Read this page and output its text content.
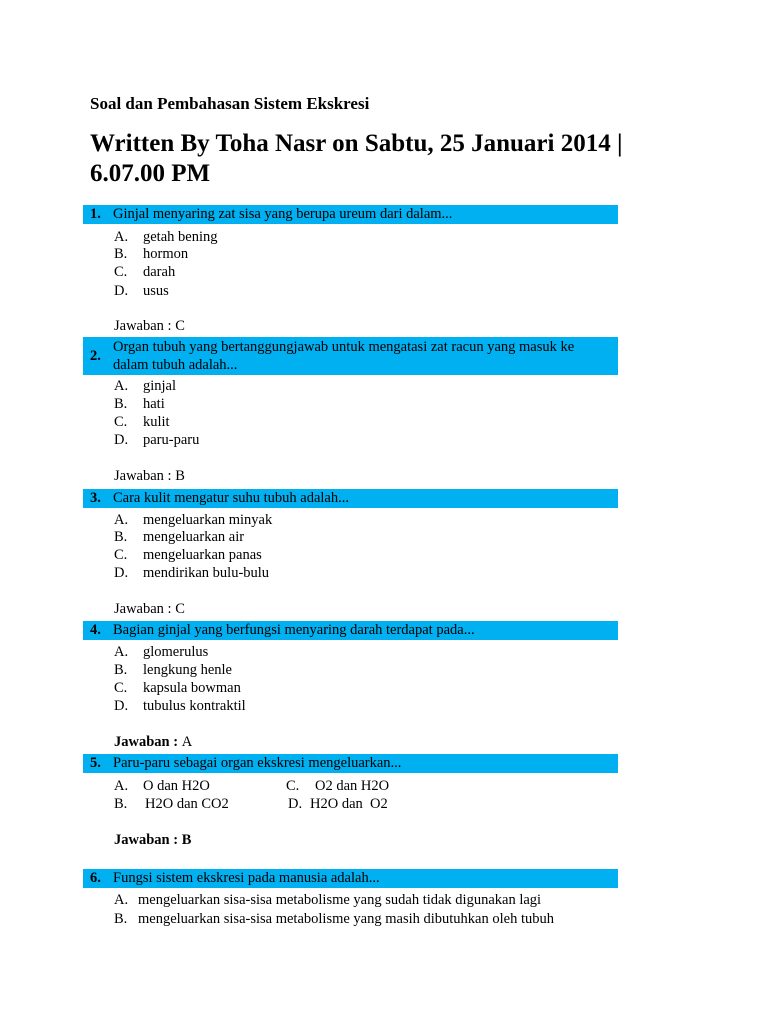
Soal dan Pembahasan Sistem Ekskresi
Written By Toha Nasr on Sabtu, 25 Januari 2014 | 6.07.00 PM
1. Ginjal menyaring zat sisa yang berupa ureum dari dalam...
A. getah bening
B. hormon
C. darah
D. usus
Jawaban : C
2.
Organ tubuh yang bertanggungjawab untuk mengatasi zat racun yang masuk ke dalam tubuh adalah...
A. ginjal
B. hati
C. kulit
D. paru-paru
Jawaban : B
3. Cara kulit mengatur suhu tubuh adalah...
A. mengeluarkan minyak
B. mengeluarkan air
C. mengeluarkan panas
D. mendirikan bulu-bulu
Jawaban : C
4. Bagian ginjal yang berfungsi menyaring darah terdapat pada...
A. glomerulus
B. lengkung henle
C. kapsula bowman
D. tubulus kontraktil
Jawaban : A
5. Paru-paru sebagai organ ekskresi mengeluarkan...
A. O dan H2O	C. O2 dan H2O
B. H2O dan CO2	D. H2O dan  O2
Jawaban : B
6. Fungsi sistem ekskresi pada manusia adalah...
A. mengeluarkan sisa-sisa metabolisme yang sudah tidak digunakan lagi
B. mengeluarkan sisa-sisa metabolisme yang masih dibutuhkan oleh tubuh
